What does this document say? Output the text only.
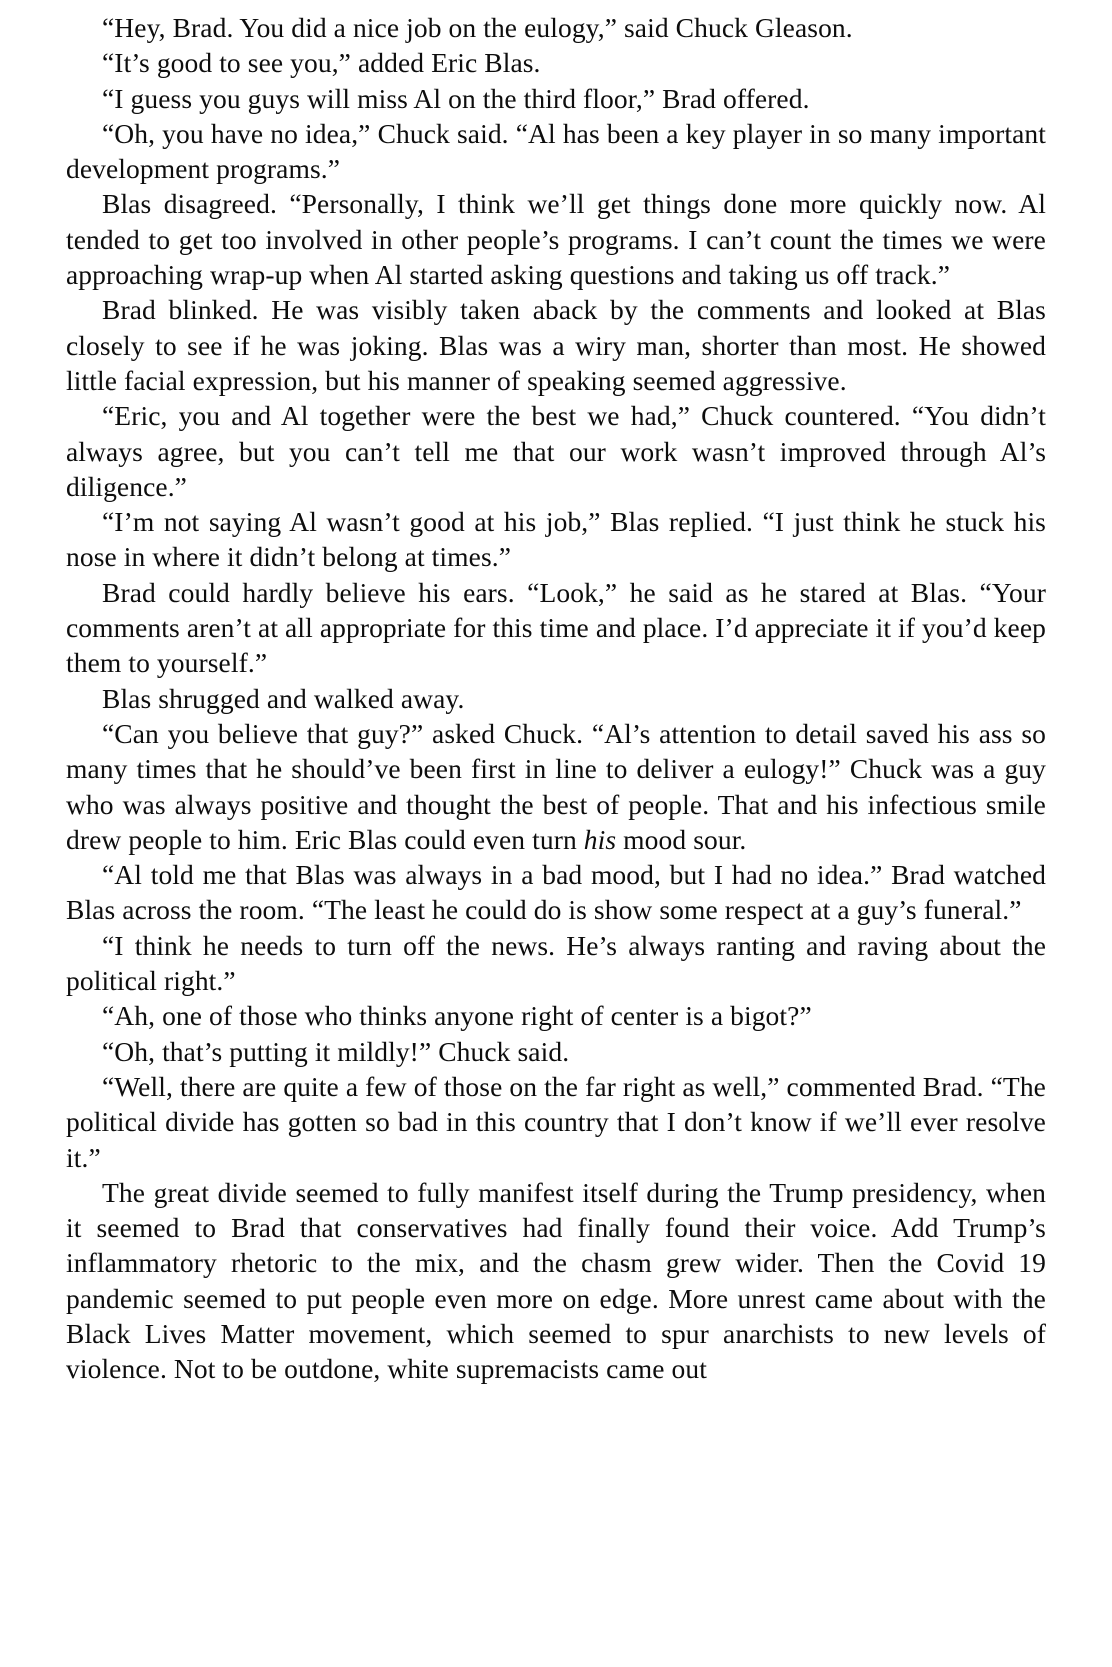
“Hey, Brad. You did a nice job on the eulogy,” said Chuck Gleason.

“It’s good to see you,” added Eric Blas.

“I guess you guys will miss Al on the third floor,” Brad offered.

“Oh, you have no idea,” Chuck said. “Al has been a key player in so many important development programs.”

Blas disagreed. “Personally, I think we’ll get things done more quickly now. Al tended to get too involved in other people’s programs. I can’t count the times we were approaching wrap-up when Al started asking questions and taking us off track.”

Brad blinked. He was visibly taken aback by the comments and looked at Blas closely to see if he was joking. Blas was a wiry man, shorter than most. He showed little facial expression, but his manner of speaking seemed aggressive.

“Eric, you and Al together were the best we had,” Chuck countered. “You didn’t always agree, but you can’t tell me that our work wasn’t improved through Al’s diligence.”

“I’m not saying Al wasn’t good at his job,” Blas replied. “I just think he stuck his nose in where it didn’t belong at times.”

Brad could hardly believe his ears. “Look,” he said as he stared at Blas. “Your comments aren’t at all appropriate for this time and place. I’d appreciate it if you’d keep them to yourself.”

Blas shrugged and walked away.

“Can you believe that guy?” asked Chuck. “Al’s attention to detail saved his ass so many times that he should’ve been first in line to deliver a eulogy!” Chuck was a guy who was always positive and thought the best of people. That and his infectious smile drew people to him. Eric Blas could even turn his mood sour.

“Al told me that Blas was always in a bad mood, but I had no idea.” Brad watched Blas across the room. “The least he could do is show some respect at a guy’s funeral.”

“I think he needs to turn off the news. He’s always ranting and raving about the political right.”

“Ah, one of those who thinks anyone right of center is a bigot?”

“Oh, that’s putting it mildly!” Chuck said.

“Well, there are quite a few of those on the far right as well,” commented Brad. “The political divide has gotten so bad in this country that I don’t know if we’ll ever resolve it.”

The great divide seemed to fully manifest itself during the Trump presidency, when it seemed to Brad that conservatives had finally found their voice. Add Trump’s inflammatory rhetoric to the mix, and the chasm grew wider. Then the Covid 19 pandemic seemed to put people even more on edge. More unrest came about with the Black Lives Matter movement, which seemed to spur anarchists to new levels of violence. Not to be outdone, white supremacists came out
